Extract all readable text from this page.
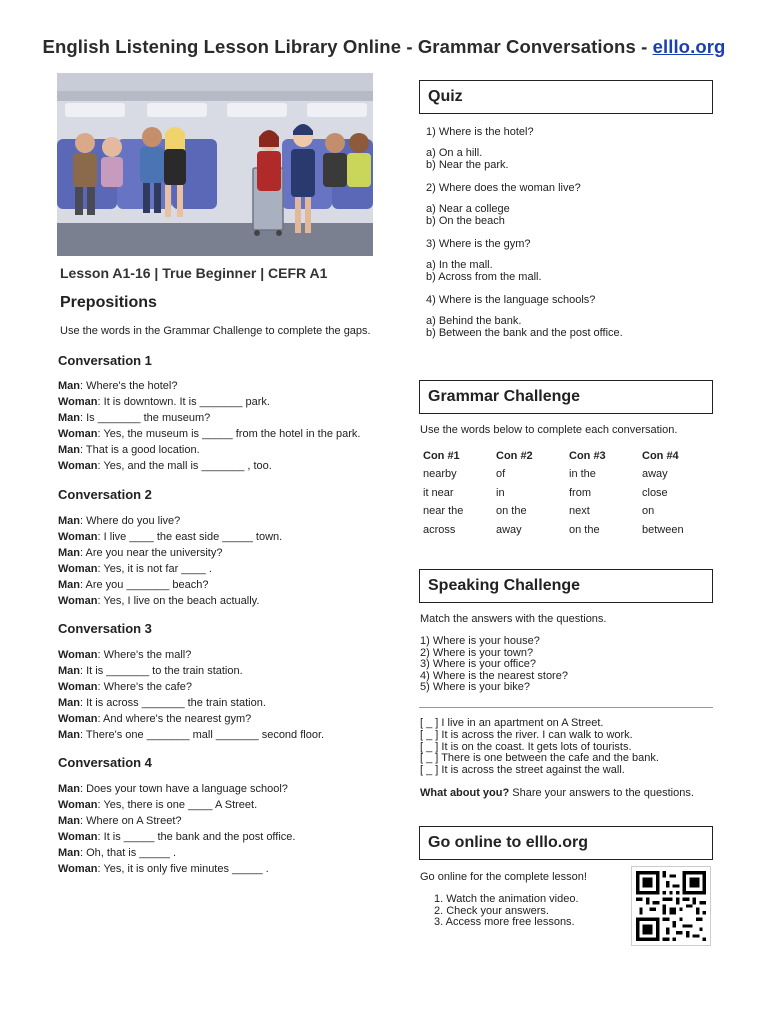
English Listening Lesson Library Online - Grammar Conversations - elllo.org
Lesson A1-16 | True Beginner | CEFR A1
Prepositions
Use the words in the Grammar Challenge to complete the gaps.
Conversation 1
Man: Where's the hotel?
Woman: It is downtown. It is _______ park.
Man: Is _______ the museum?
Woman: Yes, the museum is _____ from the hotel in the park.
Man: That is a good location.
Woman: Yes, and the mall is _______ , too.
Conversation 2
Man: Where do you live?
Woman: I live ____ the east side _____ town.
Man: Are you near the university?
Woman: Yes, it is not far ____ .
Man: Are you _______ beach?
Woman: Yes, I live on the beach actually.
Conversation 3
Woman: Where's the mall?
Man: It is _______ to the train station.
Woman: Where's the cafe?
Man: It is across _______ the train station.
Woman: And where's the nearest gym?
Man: There's one _______ mall _______ second floor.
Conversation 4
Man: Does your town have a language school?
Woman: Yes, there is one ____ A Street.
Man: Where on A Street?
Woman: It is _____ the bank and the post office.
Man: Oh, that is _____ .
Woman: Yes, it is only five minutes _____ .
Quiz
1) Where is the hotel?
a) On a hill.
b) Near the park.
2) Where does the woman live?
a) Near a college
b) On the beach
3) Where is the gym?
a) In the mall.
b) Across from the mall.
4) Where is the language schools?
a) Behind the bank.
b) Between the bank and the post office.
Grammar Challenge
Use the words below to complete each conversation.
Con #1	Con #2	Con #3	Con #4
nearby	of	in the	away
it near	in	from	close
near the	on the	next	on
across	away	on the	between
Speaking Challenge
Match the answers with the questions.
1) Where is your house?
2) Where is your town?
3) Where is your office?
4) Where is the nearest store?
5) Where is your bike?
[ _ ] I live in an apartment on A Street.
[ _ ] It is across the river. I can walk to work.
[ _ ] It is on the coast. It gets lots of tourists.
[ _ ] There is one between the cafe and the bank.
[ _ ] It is across the street against the wall.
What about you? Share your answers to the questions.
Go online to elllo.org
Go online for the complete lesson!
1. Watch the animation video.
2. Check your answers.
3. Access more free lessons.
